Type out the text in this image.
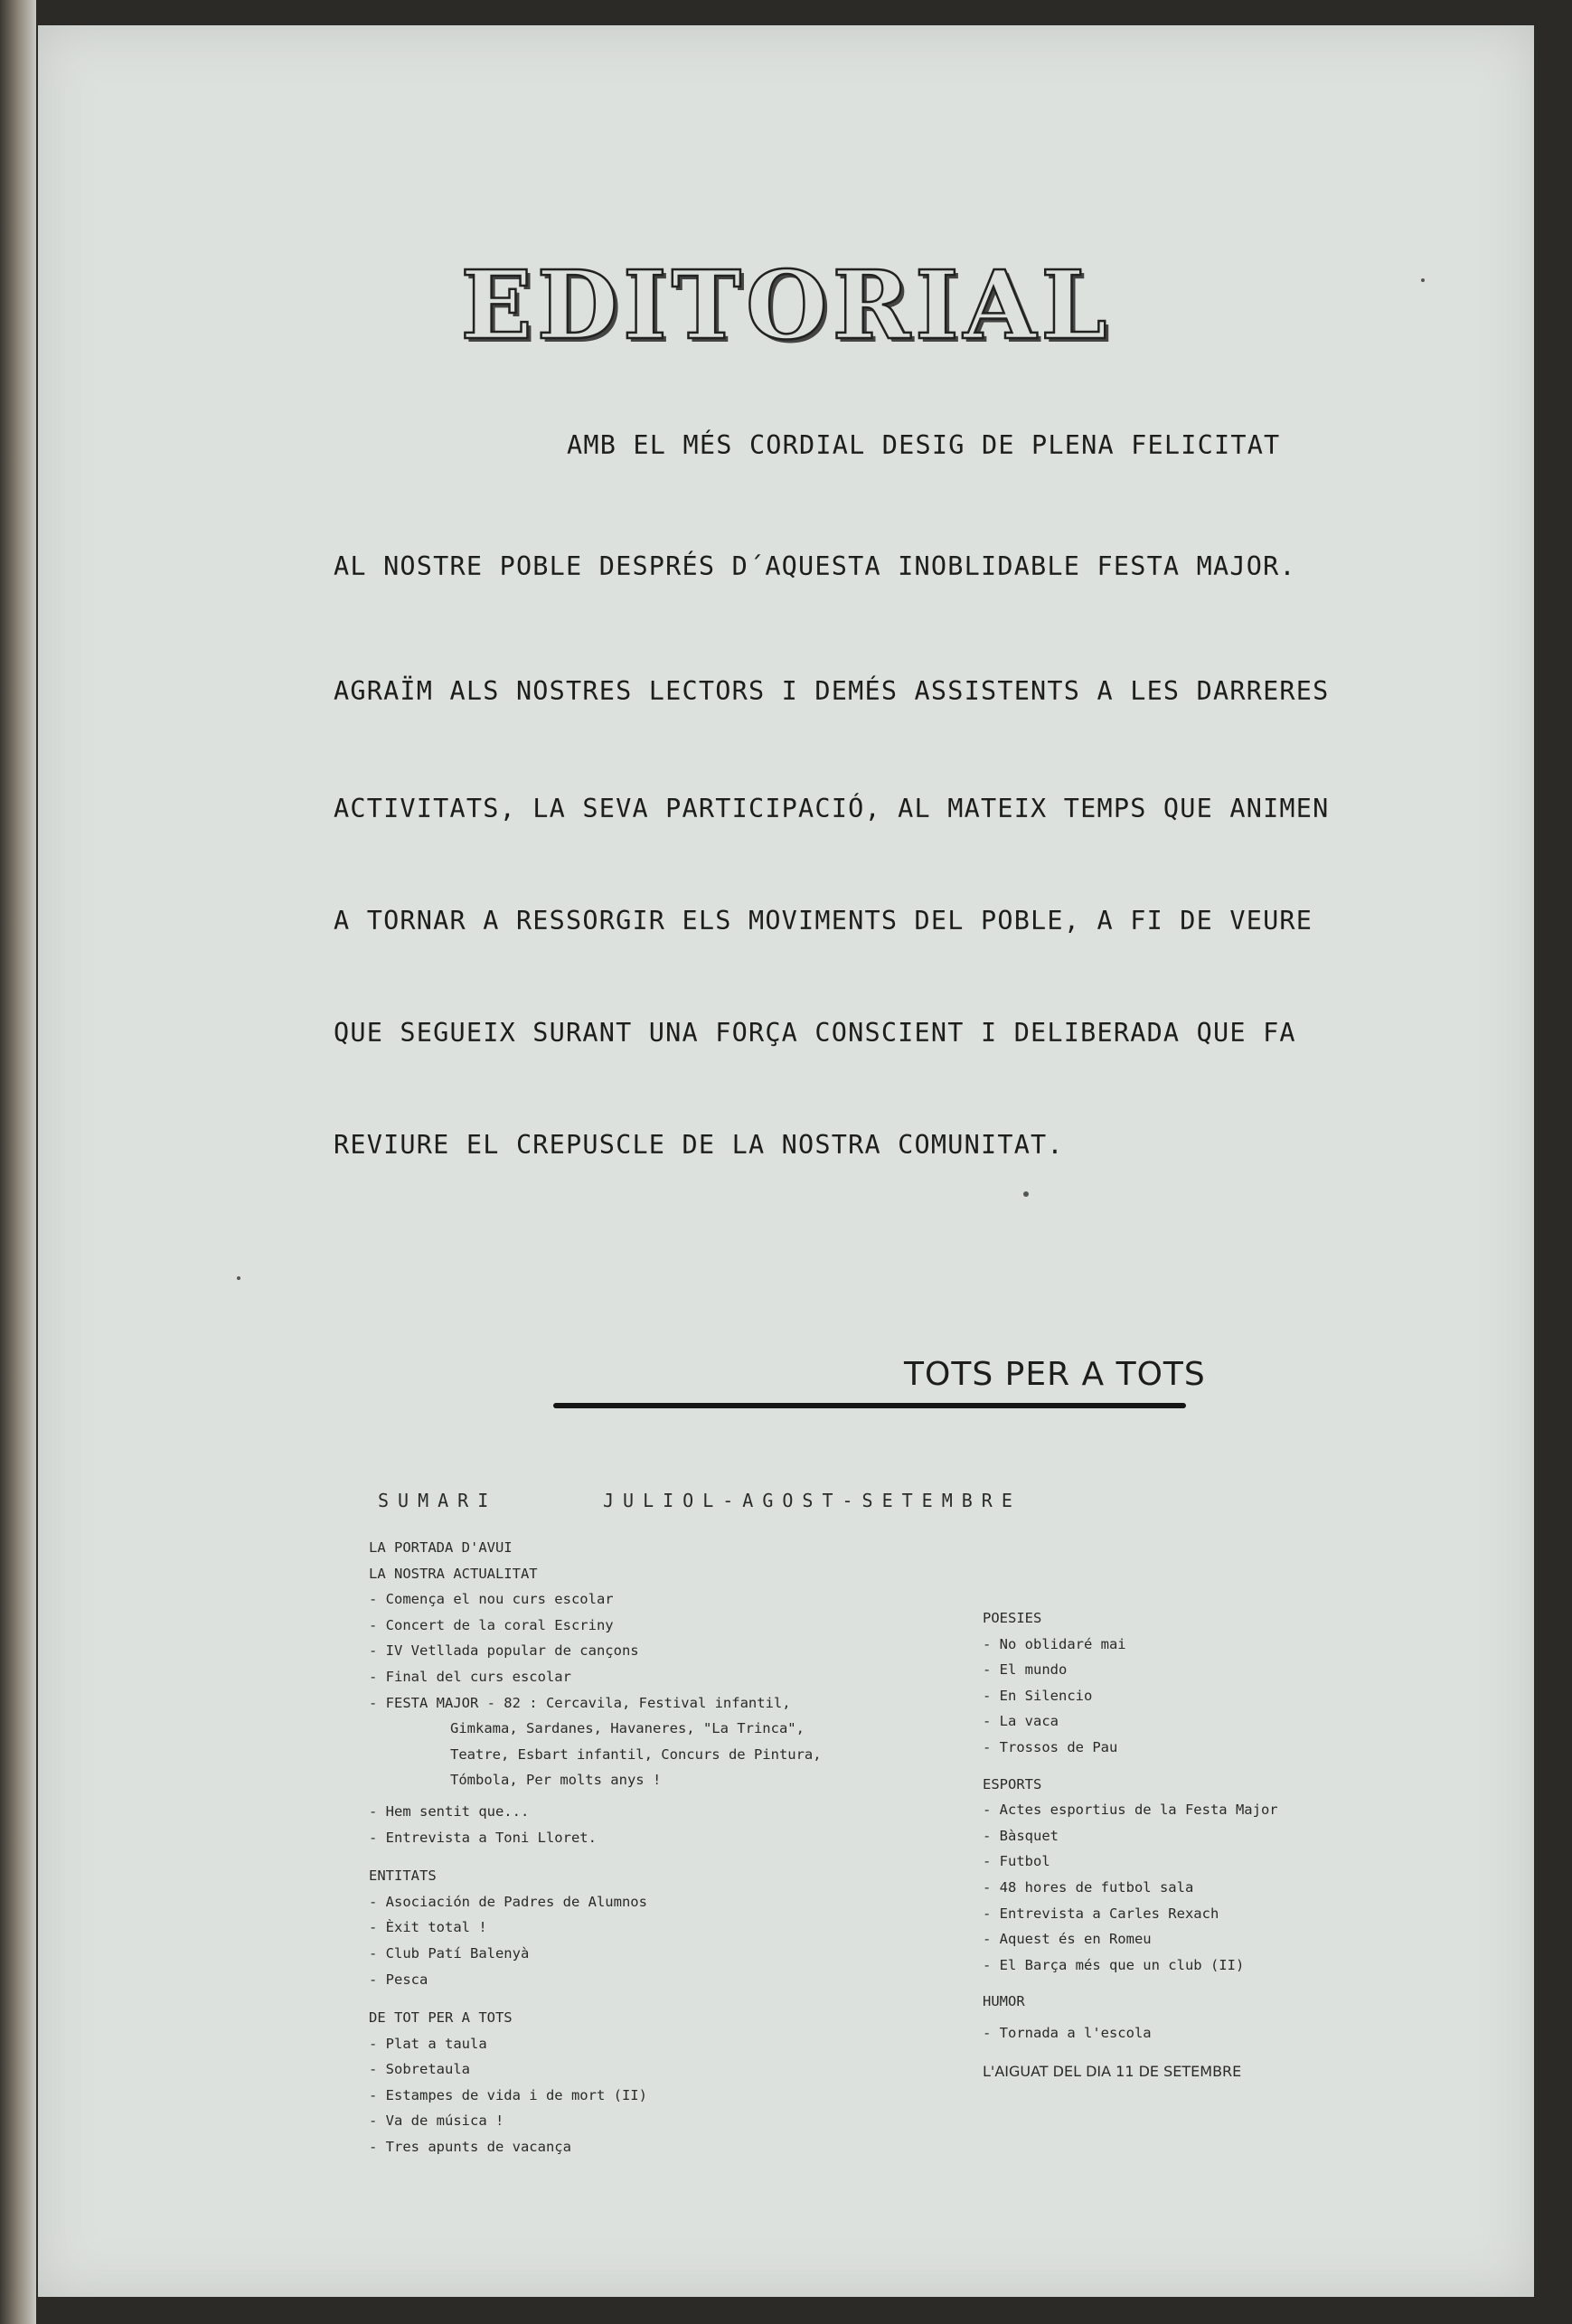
EDITORIAL
AMB EL MÉS CORDIAL DESIG DE PLENA FELICITAT
AL NOSTRE POBLE DESPRÉS D´AQUESTA INOBLIDABLE FESTA MAJOR.
AGRAÏM ALS NOSTRES LECTORS I DEMÉS ASSISTENTS A LES DARRERES
ACTIVITATS, LA SEVA PARTICIPACIÓ, AL MATEIX TEMPS QUE ANIMEN
A TORNAR A RESSORGIR ELS MOVIMENTS DEL POBLE, A FI DE VEURE
QUE SEGUEIX SURANT UNA FORÇA CONSCIENT I DELIBERADA QUE FA
REVIURE EL CREPUSCLE DE LA NOSTRA COMUNITAT.
TOTS PER A TOTS
SUMARI	JULIOL-AGOST-SETEMBRE
LA PORTADA D'AVUI
LA NOSTRA ACTUALITAT
- Comença el nou curs escolar
- Concert de la coral Escriny
- IV Vetllada popular de cançons
- Final del curs escolar
- FESTA MAJOR - 82 : Cercavila, Festival infantil,
Gimkama, Sardanes, Havaneres, "La Trinca",
Teatre, Esbart infantil, Concurs de Pintura,
Tómbola, Per molts anys !
- Hem sentit que...
- Entrevista a Toni Lloret.
ENTITATS
- Asociación de Padres de Alumnos
- Èxit total !
- Club Patí Balenyà
- Pesca
DE TOT PER A TOTS
- Plat a taula
- Sobretaula
- Estampes de vida i de mort (II)
- Va de música !
- Tres apunts de vacança
POESIES
- No oblidaré mai
- El mundo
- En Silencio
- La vaca
- Trossos de Pau
ESPORTS
- Actes esportius de la Festa Major
- Bàsquet
- Futbol
- 48 hores de futbol sala
- Entrevista a Carles Rexach
- Aquest és en Romeu
- El Barça més que un club (II)
HUMOR
- Tornada a l'escola
L'AIGUAT DEL DIA 11 DE SETEMBRE
